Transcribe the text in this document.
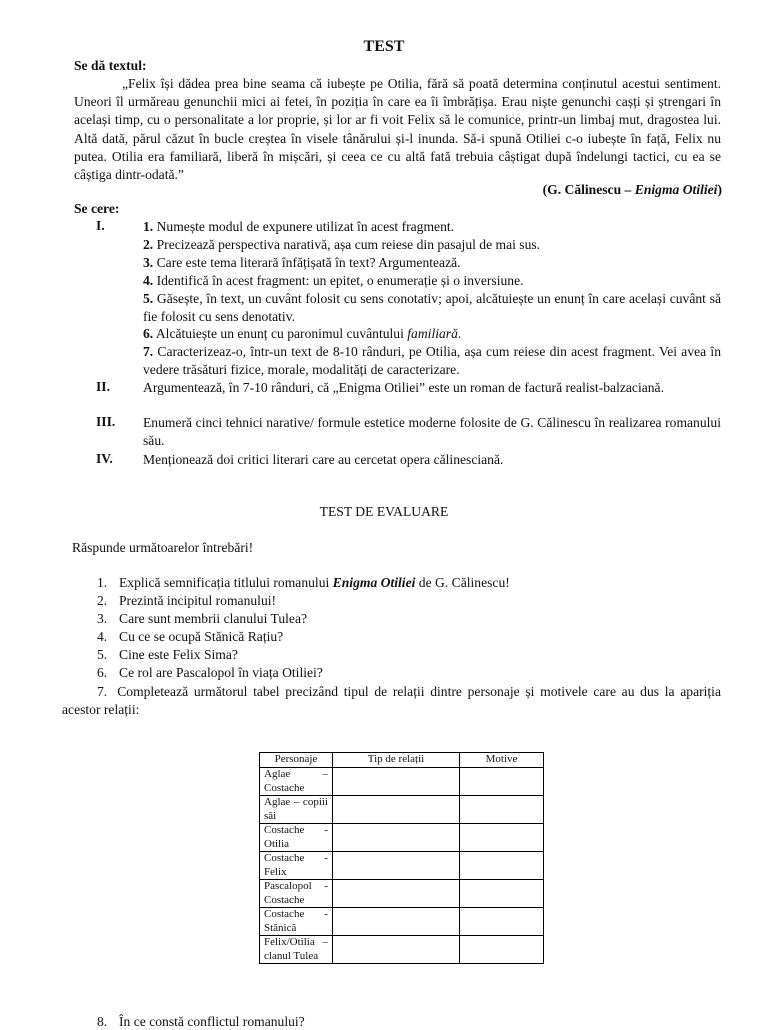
TEST
Se dă textul:
„Felix își dădea prea bine seama că iubește pe Otilia, fără să poată determina conținutul acestui sentiment. Uneori îl urmăreau genunchii mici ai fetei, în poziția în care ea îi îmbrățișa. Erau niște genunchi cașți și ștrengari în același timp, cu o personalitate a lor proprie, și lor ar fi voit Felix să le comunice, printr-un limbaj mut, dragostea lui. Altă dată, părul căzut în bucle creștea în visele tânărului și-l inunda. Să-i spună Otiliei c-o iubește în față, Felix nu putea. Otilia era familiară, liberă în mișcări, și ceea ce cu altă fată trebuia câștigat după îndelungi tactici, cu ea se câștiga dintr-odată.”
(G. Călinescu – Enigma Otiliei)
Se cere:
I.	1. Numește modul de expunere utilizat în acest fragment.
2. Precizează perspectiva narativă, așa cum reiese din pasajul de mai sus.
3. Care este tema literară înfățișată în text? Argumentează.
4. Identifică în acest fragment: un epitet, o enumerație și o inversiune.
5. Găsește, în text, un cuvânt folosit cu sens conotativ; apoi, alcătuiește un enunț în care același cuvânt să fie folosit cu sens denotativ.
6. Alcătuiește un enunț cu paronimul cuvântului familiară.
7. Caracterizeaz-o, într-un text de 8-10 rânduri, pe Otilia, așa cum reiese din acest fragment. Vei avea în vedere trăsături fizice, morale, modalități de caracterizare.
II. Argumentează, în 7-10 rânduri, că „Enigma Otiliei” este un roman de factură realist-balzaciană.
III. Enumeră cinci tehnici narative/ formule estetice moderne folosite de G. Călinescu în realizarea romanului său.
IV. Menționează doi critici literari care au cercetat opera călinesciană.
TEST DE EVALUARE
Răspunde următoarelor întrebări!
1. Explică semnificația titlului romanului Enigma Otiliei de G. Călinescu!
2. Prezintă incipitul romanului!
3. Care sunt membrii clanului Tulea?
4. Cu ce se ocupă Stănică Rațiu?
5. Cine este Felix Sima?
6. Ce rol are Pascalopol în viața Otiliei?
7. Completează următorul tabel precizând tipul de relații dintre personaje și motivele care au dus la apariția acestor relații:
Personaje	Tip de relații	Motive
Aglae – Costache		
Aglae – copiii săi		
Costache - Otilia		
Costache - Felix		
Pascalopol - Costache		
Costache - Stănică		
Felix/Otilia – clanul Tulea		
8. În ce constă conflictul romanului?
